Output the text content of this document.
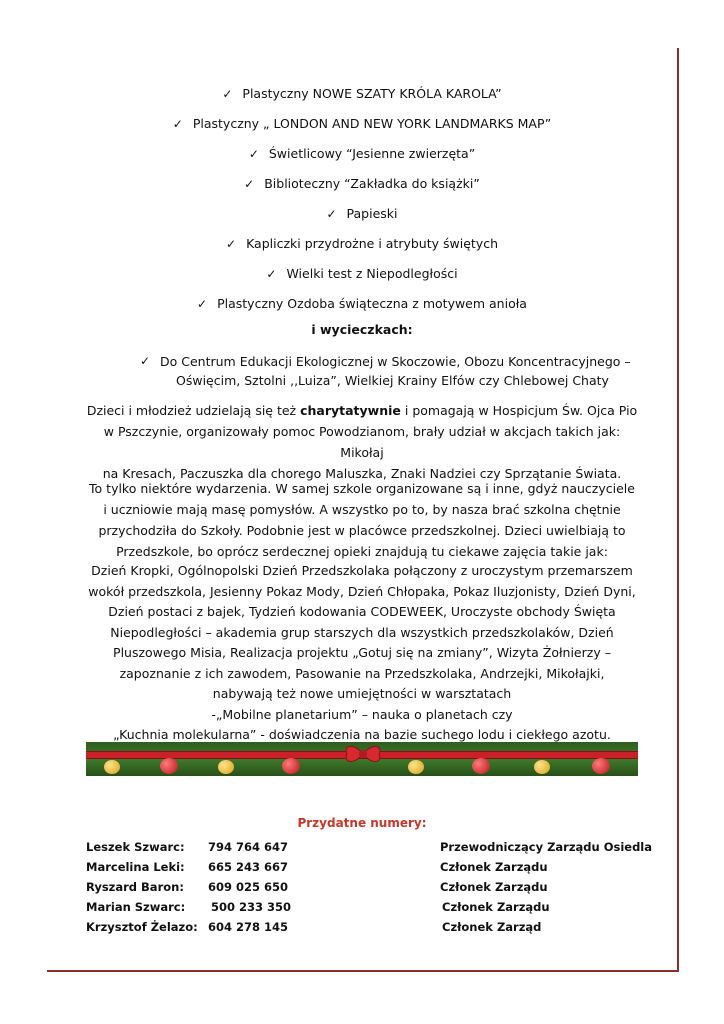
✓ Plastyczny NOWE SZATY KRÓLA KAROLA”
✓ Plastyczny „ LONDON AND NEW YORK LANDMARKS MAP”
✓ Świetlicowy “Jesienne zwierzęta”
✓ Biblioteczny “Zakładka do książki”
✓ Papieski
✓ Kapliczki przydrożne i atrybuty świętych
✓ Wielki test z Niepodległości
✓ Plastyczny Ozdoba świąteczna z motywem anioła
i wycieczkach:
✓ Do Centrum Edukacji Ekologicznej w Skoczowie, Obozu Koncentracyjnego –
Oświęcim, Sztolni ,,Luiza”, Wielkiej Krainy Elfów czy Chlebowej Chaty
Dzieci i młodzież udzielają się też charytatywnie i pomagają w Hospicjum Św. Ojca Pio
w Pszczynie, organizowały pomoc Powodzianom, brały udział w akcjach takich jak: Mikołaj
na Kresach, Paczuszka dla chorego Maluszka, Znaki Nadziei czy Sprzątanie Świata.
To tylko niektóre wydarzenia. W samej szkole organizowane są i inne, gdyż nauczyciele
i uczniowie mają masę pomysłów. A wszystko po to, by nasza brać szkolna chętnie
przychodziła do Szkoły. Podobnie jest w placówce przedszkolnej. Dzieci uwielbiają to
Przedszkole, bo oprócz serdecznej opieki znajdują tu ciekawe zajęcia takie jak:
Dzień Kropki, Ogólnopolski Dzień Przedszkolaka połączony z uroczystym przemarszem
wokół przedszkola, Jesienny Pokaz Mody, Dzień Chłopaka, Pokaz Iluzjonisty, Dzień Dyni,
Dzień postaci z bajek, Tydzień kodowania CODEWEEK, Uroczyste obchody Święta
Niepodległości – akademia grup starszych dla wszystkich przedszkolaków, Dzień
Pluszowego Misia, Realizacja projektu „Gotuj się na zmiany”, Wizyta Żołnierzy –
zapoznanie z ich zawodem, Pasowanie na Przedszkolaka, Andrzejki, Mikołajki,
nabywają też nowe umiejętności w warsztatach
-„Mobilne planetarium” – nauka o planetach czy
„Kuchnia molekularna” - doświadczenia na bazie suchego lodu i ciekłego azotu.
Przydatne numery:
Leszek Szwarc: 794 764 647	Przewodniczący Zarządu Osiedla
Marcelina Leki: 665 243 667	Członek Zarządu
Ryszard Baron: 609 025 650	Członek Zarządu
Marian Szwarc: 500 233 350	Członek Zarządu
Krzysztof Żelazo: 604 278 145	Członek Zarząd
